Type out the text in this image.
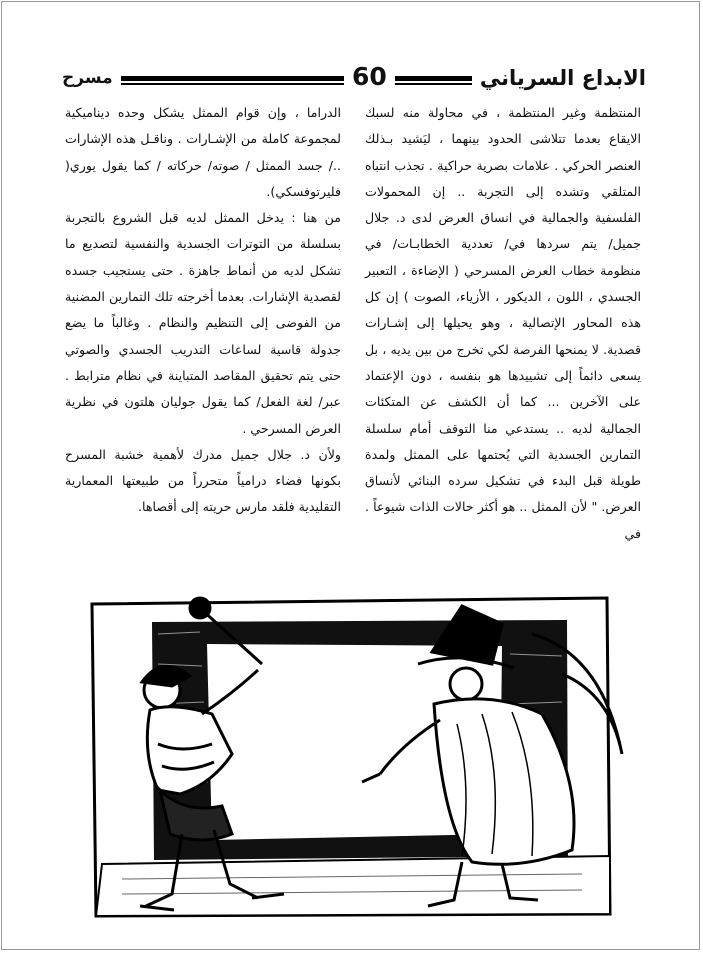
الابداع السرياني
60
مسرح

المنتظمة وغير المنتظمة ، في محاولة منه لسبك الايقاع بعدما تتلاشى الحدود بينهما ، ليَشيد بـذلك العنصر الحركي . علامات بصرية حراكية . تجذب انتباه المتلقي وتشده إلى التجربة .. إن المحمولات الفلسفية والجمالية في انساق العرض لدى د. جلال جميل/ يتم سردها في/ تعددية الخطابـات/ في منظومة خطاب العرض المسرحي ( الإضاءة ، التعبير الجسدي ، اللون ، الديكور ، الأزياء، الصوت ) إن كل هذه المحاور الإتصالية ، وهو يحيلها إلى إشـارات قصدية. لا يمنحها الفرصة لكي تخرج من بين يديه ، بل يسعى دائماً إلى تشييدها هو بنفسه ، دون الإعتماد على الآخرين ... كما أن الكشف عن المتكئات الجمالية لديه .. يستدعي منا التوقف أمام سلسلة التمارين الجسدية التي يُحتمها على الممثل ولمدة طويلة قبل البدء في تشكيل سرده البنائي لأنساق العرض. " لأن الممثل .. هو أكثر حالات الذات شيوعاً . في

الدراما ، وإن قوام الممثل يشكل وحده ديناميكية لمجموعة كاملة من الإشـارات . وناقـل هذه الإشارات ../ جسد الممثل / صوته/ حركاته / كما يقول يوري( فليرتوفسكي).

من هنا : يدخل الممثل لديه قبل الشروع بالتجربة بسلسلة من التوترات الجسدية والنفسية لتصديع ما تشكل لديه من أنماط جاهزة . حتى يستجيب جسده لقصدية الإشارات. بعدما أخرجته تلك التمارين المضنية من الفوضى إلى التنظيم والنظام . وغالباً ما يضع جدولة قاسية لساعات التدريب الجسدي والصوتي حتى يتم تحقيق المقاصد المتباينة في نظام مترابط . عبر/ لغة الفعل/ كما يقول جوليان هلتون في نظرية العرض المسرحي .

ولأن د. جلال جميل مدرك لأهمية خشبة المسرح بكونها فضاء درامياً متحرراً من طبيعتها المعمارية التقليدية فلقد مارس حريته إلى أقصاها.
